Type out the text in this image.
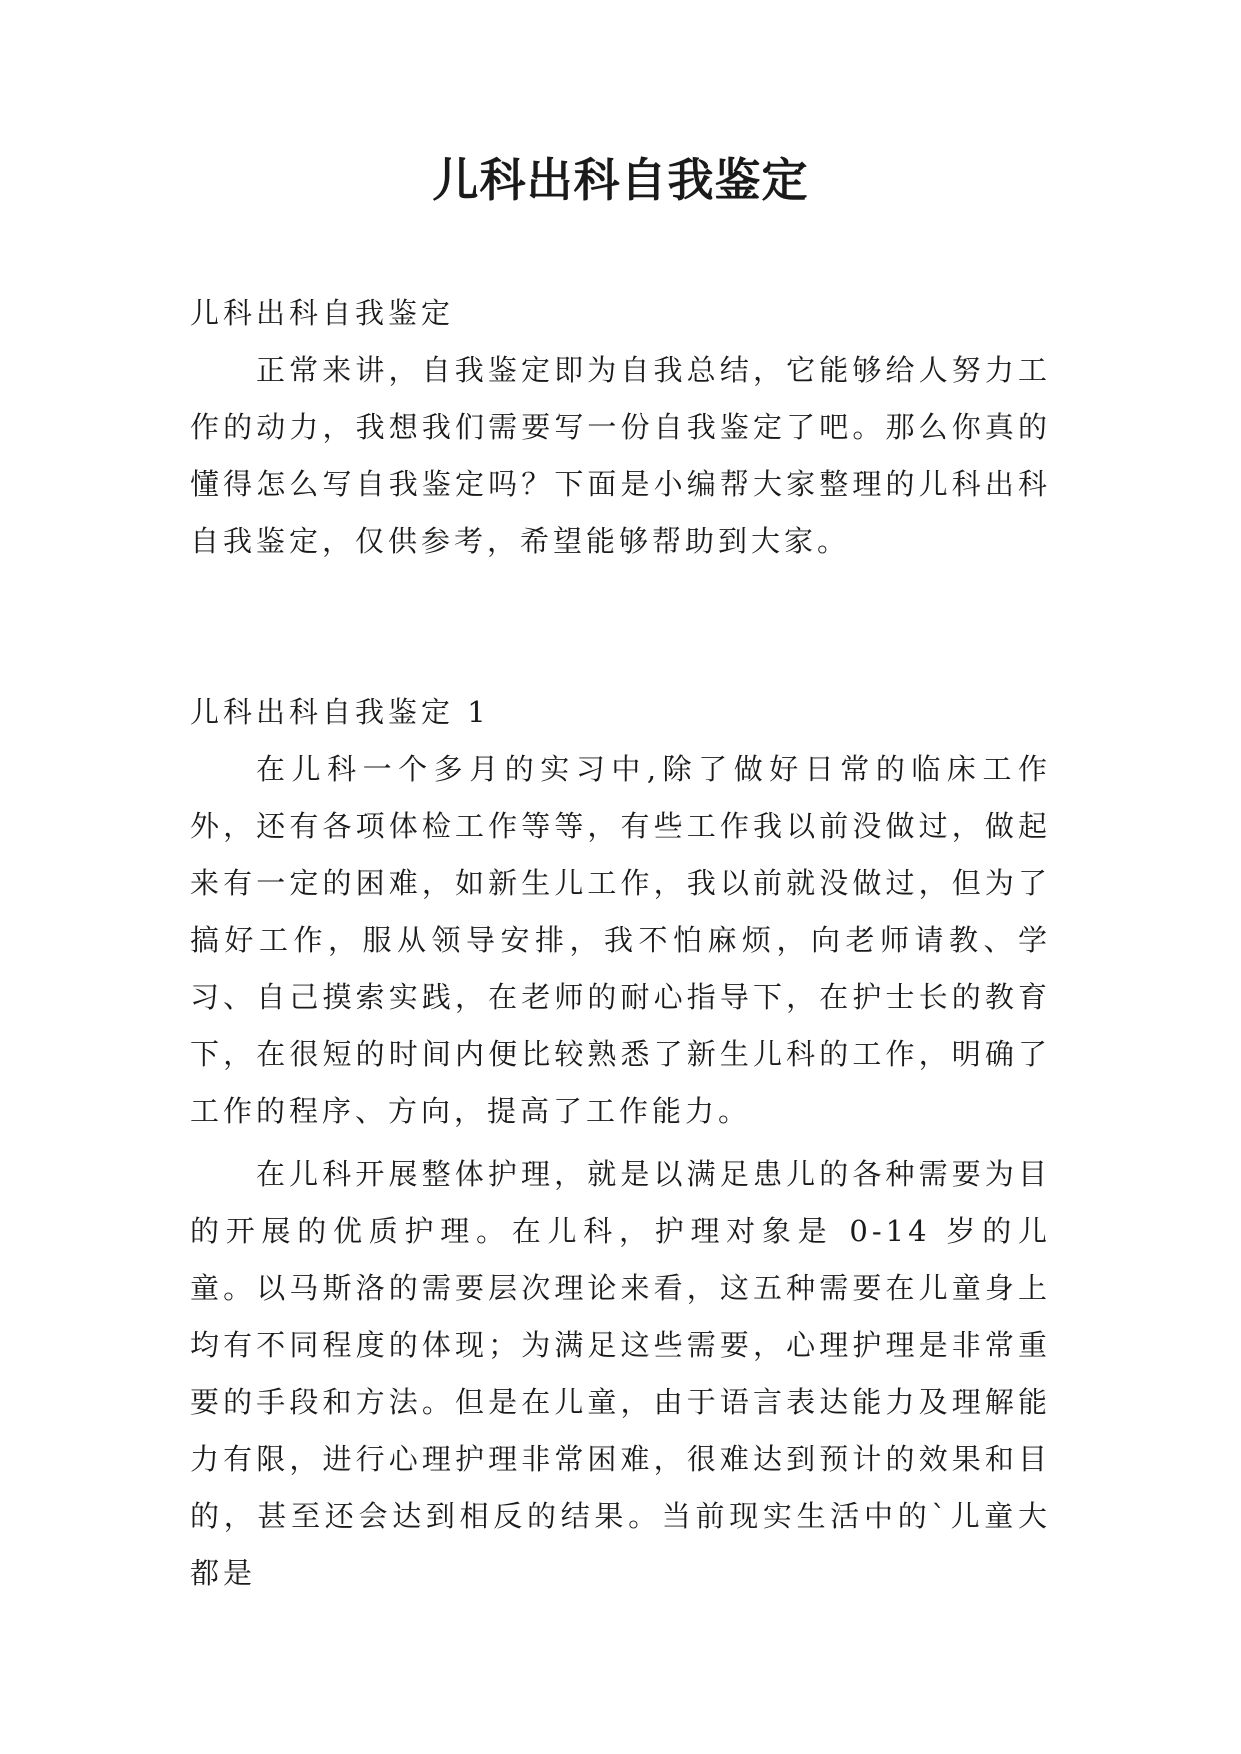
儿科出科自我鉴定

儿科出科自我鉴定

正常来讲，自我鉴定即为自我总结，它能够给人努力工作的动力，我想我们需要写一份自我鉴定了吧。那么你真的懂得怎么写自我鉴定吗？下面是小编帮大家整理的儿科出科自我鉴定，仅供参考，希望能够帮助到大家。

儿科出科自我鉴定 1

在儿科一个多月的实习中,除了做好日常的临床工作外，还有各项体检工作等等，有些工作我以前没做过，做起来有一定的困难，如新生儿工作，我以前就没做过，但为了搞好工作，服从领导安排，我不怕麻烦，向老师请教、学习、自己摸索实践，在老师的耐心指导下，在护士长的教育下，在很短的时间内便比较熟悉了新生儿科的工作，明确了工作的程序、方向，提高了工作能力。

在儿科开展整体护理，就是以满足患儿的各种需要为目的开展的优质护理。在儿科，护理对象是 0-14 岁的儿童。以马斯洛的需要层次理论来看，这五种需要在儿童身上均有不同程度的体现；为满足这些需要，心理护理是非常重要的手段和方法。但是在儿童，由于语言表达能力及理解能力有限，进行心理护理非常困难，很难达到预计的效果和目的，甚至还会达到相反的结果。当前现实生活中的`儿童大都是
